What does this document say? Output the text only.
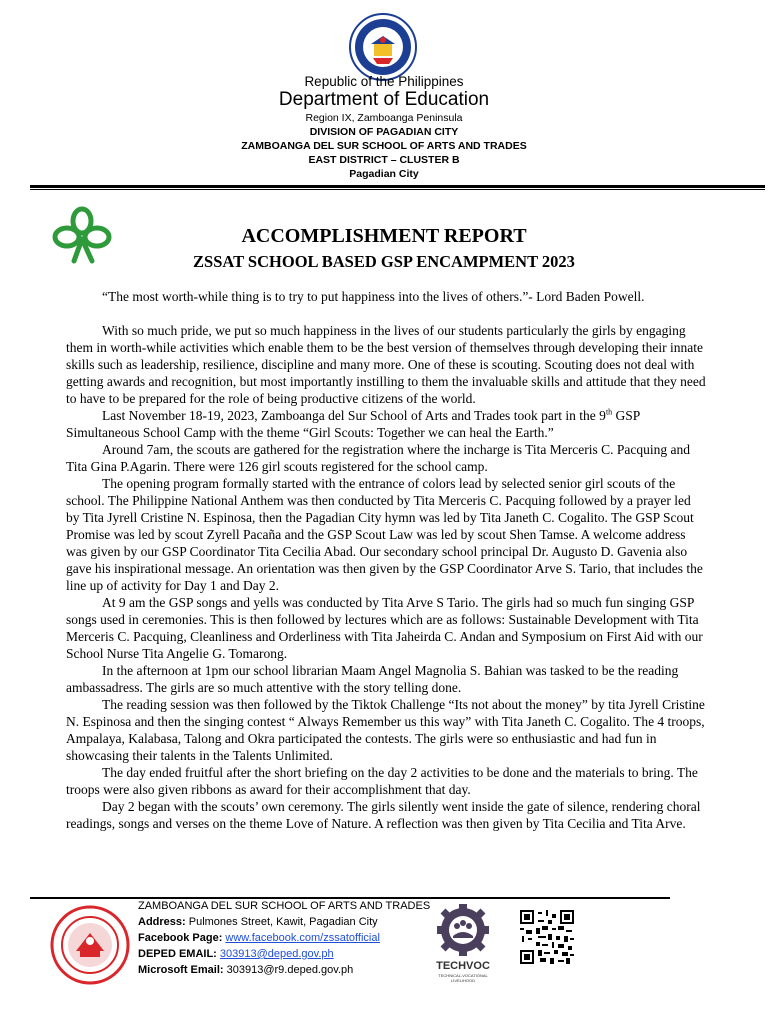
Republic of the Philippines
Department of Education
Region IX, Zamboanga Peninsula
DIVISION OF PAGADIAN CITY
ZAMBOANGA DEL SUR SCHOOL OF ARTS AND TRADES
EAST DISTRICT – CLUSTER B
Pagadian City
ACCOMPLISHMENT REPORT
ZSSAT SCHOOL BASED GSP ENCAMPMENT 2023

“The most worth-while thing is to try to put happiness into the lives of others.”- Lord Baden Powell.

With so much pride, we put so much happiness in the lives of our students particularly the girls by engaging them in worth-while activities which enable them to be the best version of themselves through developing their innate skills such as leadership, resilience, discipline and many more. One of these is scouting. Scouting does not deal with getting awards and recognition, but most importantly instilling to them the invaluable skills and attitude that they need to have to be prepared for the role of being productive citizens of the world.

Last November 18-19, 2023, Zamboanga del Sur School of Arts and Trades took part in the 9th GSP Simultaneous School Camp with the theme “Girl Scouts: Together we can heal the Earth.”

Around 7am, the scouts are gathered for the registration where the incharge is Tita Merceris C. Pacquing and Tita Gina P.Agarin. There were 126 girl scouts registered for the school camp.

The opening program formally started with the entrance of colors lead by selected senior girl scouts of the school. The Philippine National Anthem was then conducted by Tita Merceris C. Pacquing followed by a prayer led by Tita Jyrell Cristine N. Espinosa, then the Pagadian City hymn was led by Tita Janeth C. Cogalito. The GSP Scout Promise was led by scout Zyrell Pacaña and the GSP Scout Law was led by scout Shen Tamse. A welcome address was given by our GSP Coordinator Tita Cecilia Abad. Our secondary school principal Dr. Augusto D. Gavenia also gave his inspirational message. An orientation was then given by the GSP Coordinator Arve S. Tario, that includes the line up of activity for Day 1 and Day 2.

At 9 am the GSP songs and yells was conducted by Tita Arve S Tario. The girls had so much fun singing GSP songs used in ceremonies. This is then followed by lectures which are as follows: Sustainable Development with Tita Merceris C. Pacquing, Cleanliness and Orderliness with Tita Jaheirda C. Andan and Symposium on First Aid with our School Nurse Tita Angelie G. Tomarong.

In the afternoon at 1pm our school librarian Maam Angel Magnolia S. Bahian was tasked to be the reading ambassadress. The girls are so much attentive with the story telling done.

The reading session was then followed by the Tiktok Challenge “Its not about the money” by tita Jyrell Cristine N. Espinosa and then the singing contest “ Always Remember us this way” with Tita Janeth C. Cogalito. The 4 troops, Ampalaya, Kalabasa, Talong and Okra participated the contests. The girls were so enthusiastic and had fun in showcasing their talents in the Talents Unlimited.

The day ended fruitful after the short briefing on the day 2 activities to be done and the materials to bring. The troops were also given ribbons as award for their accomplishment that day.

Day 2 began with the scouts’ own ceremony. The girls silently went inside the gate of silence, rendering choral readings, songs and verses on the theme Love of Nature. A reflection was then given by Tita Cecilia and Tita Arve.

ZAMBOANGA DEL SUR SCHOOL OF ARTS AND TRADES
Address: Pulmones Street, Kawit, Pagadian City
Facebook Page: www.facebook.com/zssatofficial
DEPED EMAIL: 303913@deped.gov.ph
Microsoft Email: 303913@r9.deped.gov.ph	TECHVOC
TECHNICAL-VOCATIONAL LIVELIHOOD
